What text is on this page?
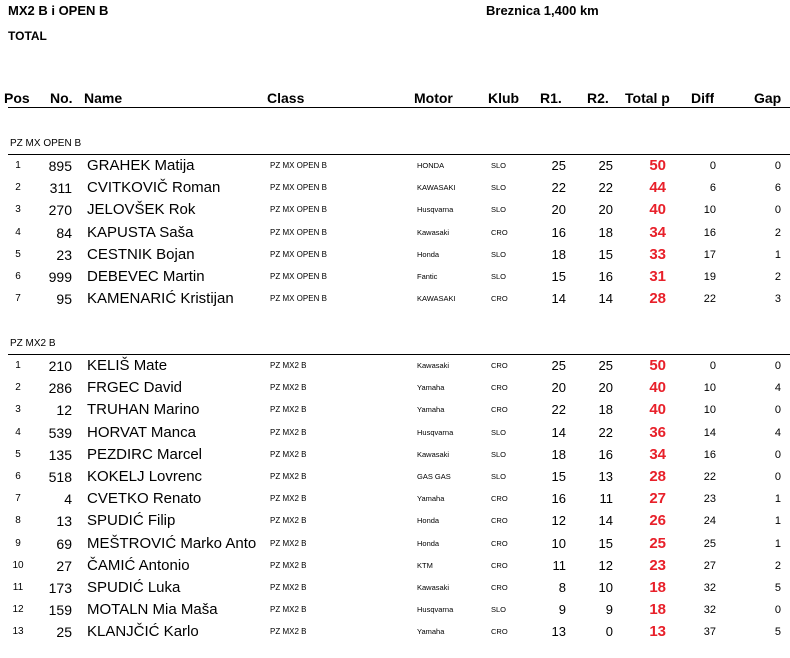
MX2 B i OPEN B	Breznica 1,400 km
TOTAL
Pos No. Name	Class	Motor	Klub R1. R2. Total p	Diff	Gap
PZ MX OPEN B
1	895 GRAHEK Matija	PZ MX OPEN B	HONDA	SLO	25	25	50	0	0
2	311 CVITKOVIČ Roman	PZ MX OPEN B	KAWASAKI	SLO	22	22	44	6	6
3	270 JELOVŠEK Rok	PZ MX OPEN B	Husqvarna	SLO	20	20	40	10	0
4	84 KAPUSTA Saša	PZ MX OPEN B	Kawasaki	CRO	16	18	34	16	2
5	23 CESTNIK Bojan	PZ MX OPEN B	Honda	SLO	18	15	33	17	1
6	999 DEBEVEC Martin	PZ MX OPEN B	Fantic	SLO	15	16	31	19	2
7	95 KAMENARIĆ Kristijan	PZ MX OPEN B	KAWASAKI	CRO	14	14	28	22	3
PZ MX2 B
1	210 KELIŠ Mate	PZ MX2 B	Kawasaki	CRO	25	25	50	0	0
2	286 FRGEC David	PZ MX2 B	Yamaha	CRO	20	20	40	10	4
3	12 TRUHAN Marino	PZ MX2 B	Yamaha	CRO	22	18	40	10	0
4	539 HORVAT Manca	PZ MX2 B	Husqvarna	SLO	14	22	36	14	4
5	135 PEZDIRC Marcel	PZ MX2 B	Kawasaki	SLO	18	16	34	16	0
6	518 KOKELJ Lovrenc	PZ MX2 B	GAS GAS	SLO	15	13	28	22	0
7	4 CVETKO Renato	PZ MX2 B	Yamaha	CRO	16	11	27	23	1
8	13 SPUDIĆ Filip	PZ MX2 B	Honda	CRO	12	14	26	24	1
9	69 MEŠTROVIĆ Marko Anto	PZ MX2 B	Honda	CRO	10	15	25	25	1
10	27 ČAMIĆ Antonio	PZ MX2 B	KTM	CRO	11	12	23	27	2
11	173 SPUDIĆ Luka	PZ MX2 B	Kawasaki	CRO	8	10	18	32	5
12	159 MOTALN Mia Maša	PZ MX2 B	Husqvarna	SLO	9	9	18	32	0
13	25 KLANJČIĆ Karlo	PZ MX2 B	Yamaha	CRO	13	0	13	37	5
